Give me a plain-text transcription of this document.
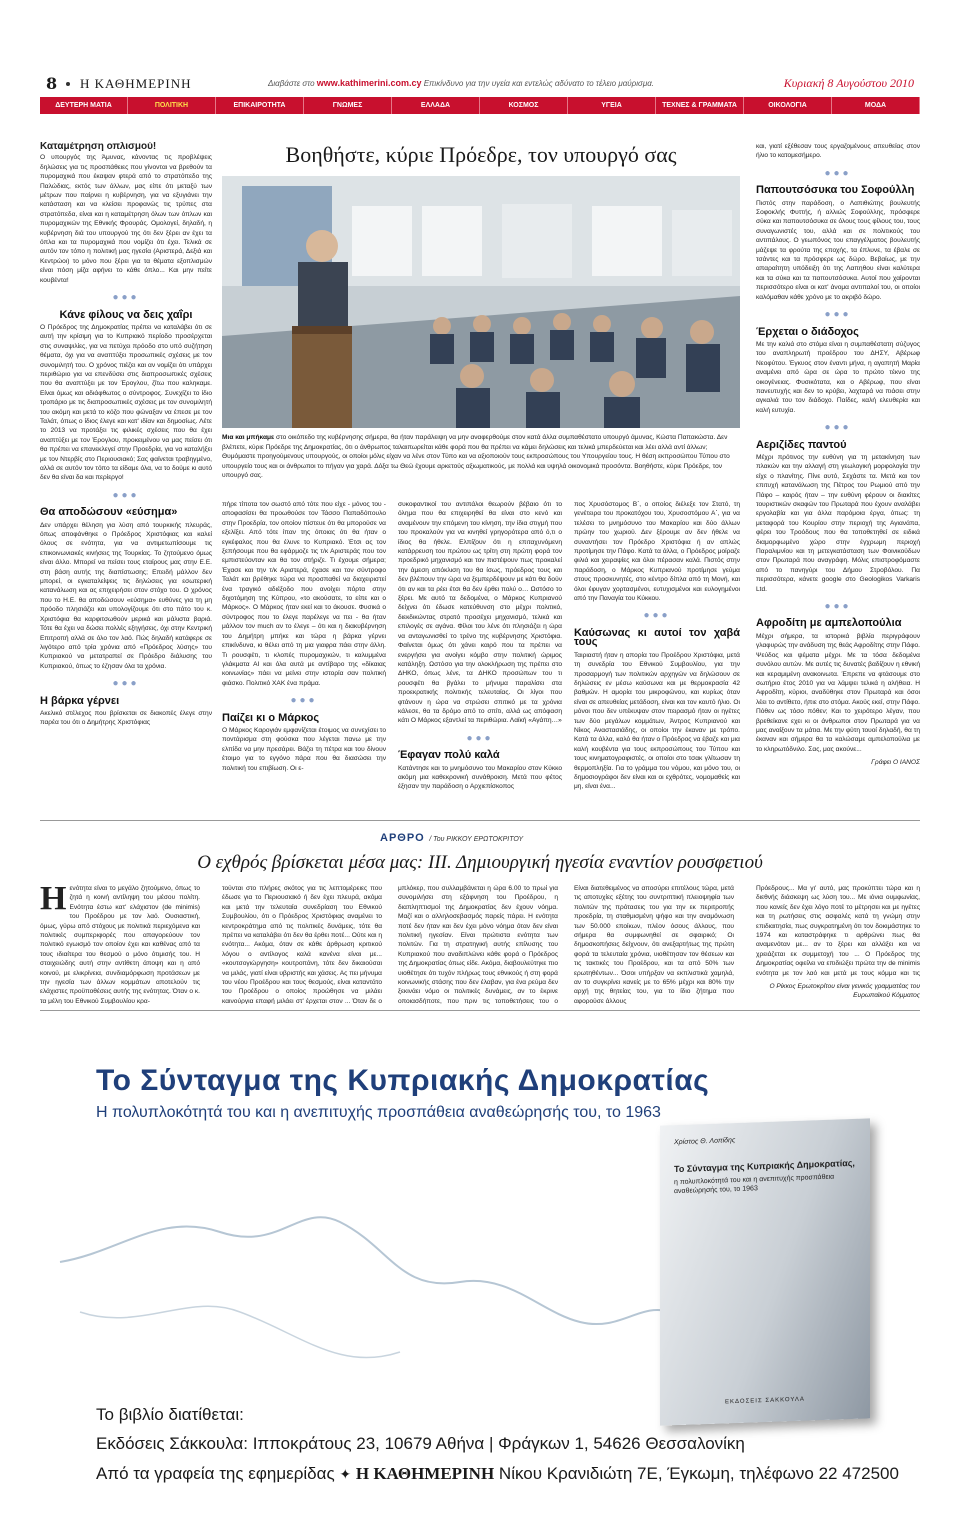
8 Η ΚΑΘΗΜΕΡΙΝΗ	Διαβάστε στο www.kathimerini.com.cy Επικίνδυνο για την υγεία και εντελώς αδύνατο το τέλειο μαύρισμα.	Κυριακή 8 Αυγούστου 2010
ΔΕΥΤΕΡΗ ΜΑΤΙΑ	ΠΟΛΙΤΙΚΗ	ΕΠΙΚΑΙΡΟΤΗΤΑ	ΓΝΩΜΕΣ	ΕΛΛΑΔΑ	ΚΟΣΜΟΣ	ΥΓΕΙΑ	ΤΕΧΝΕΣ & ΓΡΑΜΜΑΤΑ	ΟΙΚΟΛΟΓΙΑ	ΜΟΔΑ
Καταμέτρηση οπλισμού!

Ο υπουργός της Άμυνας, κάνοντας τις προβλέψεις δηλώσεις για τις προσπάθειες που γίνονται να βρεθούν τα πυρομαχικά που έκαψαν φτερά από το στρατόπεδο της Παλώδιας, εκτός των άλλων, μας είπε ότι μεταξύ των μέτρων που παίρνει η κυβέρνηση, για να εξυγιάνει την κατάσταση και να κλείσει προφανώς τις τρύπες στα στρατόπεδα, είναι και η καταμέτρηση όλων των όπλων και πυρομαχικών της Εθνικής Φρουράς. Ομολογεί, δηλαδή, η κυβέρνηση διά του υπουργού της ότι δεν ξέρει αν έχει τα όπλα και τα πυρομαχικά που νομίζει ότι έχει. Τελικά σε αυτόν τον τόπο η πολιτική μας ηγεσία (Αριστερά, Δεξιά και Κεντρώοι) το μόνο που ξέρει για τα θέματα εξοπλισμών είναι πόση μίζα αφήνει το κάθε όπλο... Και μην πείτε κουβέντα!

●●●
Κάνε φίλους να δεις χαΐρι

Ο Πρόεδρος της Δημοκρατίας πρέπει να καταλάβει ότι σε αυτή την κρίσιμη για το Κυπριακό περίοδο προσέρχεται στις συναψιλίες, για να πετύχει πρόοδο στο υπό συζήτηση θέματα, όχι για να αναπτύξει προσωπικές σχέσεις με τον συνομιλητή του. Ο χρόνος πιέζει και αν νομίζει ότι υπάρχει περιθώριο για να επενδύσει στις διαπροσωπικές σχέσεις που θα αναπτύξει με τον Έρογλου, ζίτω που καληκαμε. Είναι όμως και αδιάφθωτος ο σύντροφος. Συνεχίζει το ίδιο τροπάριο με τις διαπροσωπικές σχέσεις με τον συνομιλητή του ακόμη και μετά το κόζο που φώναξαν να έπεσε με τον Ταλάτ, όπως ο ίδιος έλεγε και κατ' ιδίαν και δημοσίως. Λέτε το 2013 να προτάξει τις φιλικές σχέσεις που θα έχει αναπτύξει με τον Έρογλου, προκειμένου να μας πείσει ότι θα πρέπει να επανεκλεγεί στην Προεδρία, για να καταλήξει με τον Ντερβίς στο Περιουσιακό; Σας φαίνεται τραβηγμένο, αλλά σε αυτόν τον τόπο τα είδαμε όλα, να το δούμε κι αυτό δεν θα είναι δα και περίεργο!

●●●
Θα αποδώσουν «εύσημα»

Δεν υπάρχει θέληση για λύση από τουρκικής πλευράς, όπως αποφάνθηκε ο Πρόεδρος Χριστόφιας και καλεί όλους σε ενότητα, για να αντιμετωπίσουμε τις επικοινωνιακές κινήσεις της Τουρκίας. Το ζητούμενο όμως είναι άλλο. Μπορεί να πείσει τους εταίρους μας στην Ε.Ε. στη βάση αυτής της διαπίστωσης; Επειδή μάλλον δεν μπορεί, οι εγκαταλείψεις τις δηλώσεις για εσωτερική κατανάλωση και ας επιχειρήσει στον στόχο του. Ο χρόνος που το Η.Ε. θα αποδώσουν «εύσημα» ευθύνες για τη μη πρόοδο πλησιάζει και υπολογίζουμε ότι στο πάτο του κ. Χριστόφια θα καρφιτσωθούν μερικά και μάλιστα βαριά. Τότε θα έχει να δώσει πολλές εξηγήσεις, όχι στην Κεντρική Επιτροπή αλλά σε όλο τον λαό. Πώς δηλαδή κατάφερε σε λιγότερο από τρία χρόνια από «Πρόεδρος λύσης» του Κυπριακού να μετατραπεί σε Πρόεδρο διάλυσης του Κυπριακού, όπως το έζησαν όλα τα χρόνια.

●●●
Η βάρκα γέρνει

Ακελικό στέλεχος που βρίσκεται σε διακοπές έλεγε στην παρέα του ότι ο Δημήτρης Χριστόφιας

Βοηθήστε, κύριε Πρόεδρε, τον υπουργό σας
Μια και μπήκαμε στο οικόπεδο της κυβέρνησης σήμερα, θα ήταν παράλειψη να μην αναφερθούμε στον κατά άλλα συμπαθέστατο υπουργό άμυνας, Κώστα Παπακώστα. Δεν βλέπετε, κύριε Πρόεδρε της Δημοκρατίας, ότι ο άνθρωπος ταλαιπωρείται κάθε φορά που θα πρέπει να κάμει δηλώσεις και τελικά μπερδεύεται και λέει αλλά αντί άλλων; Θυμόμαστε προηγούμενους υπουργούς, οι οποίοι μόλις είχαν να λένε στον Τύπο και να αξιοποιούν τους εκπροσώπους του Υπουργείου τους. Η θέση εκπροσώπου Τύπου στο υπουργείο τους και οι άνθρωποι το πήγαν για χαρά. Δόξα τω Θεώ έχουμε αρκετούς αξιωματικούς, με πολλά και υψηλά οικονομικά προσόντα. Βοηθήστε, κύριε Πρόεδρε, τον υπουργό σας.

πήρε τίποτα τον σωστό από τότε που είχε - μόνος του - αποφασίσει θα προωθούσε τον Τάσσο Παπαδόπουλο στην Προεδρία, τον οποίον πίστευε ότι θα μπορούσε να εξελίξει. Από τότε ίπαν της όποιας ότι θα ήταν ο εγκέφαλος που θα έλυνε το Κυπριακό. Έτσι ας τον ξεπήσουμε που θα εφάρμοζε τις τ/κ Αριστεράς που τον εμπιστεύονταν και θα τον στήριζε. Τι έχουμε σήμερα; Έχασε και την τ/κ Αριστερά, έχασε και τον σύντροφο Ταλάτ και βρέθηκε τώρα να προσπαθεί να διαχειριστεί ένα τραγικό αδιέξοδο που ανοίχει πόρτα στην διχοτόμηση της Κύπρου, «το ακούσατε, το είπε και ο Μάρκος». Ο Μάρκος ήταν εκεί και το άκουσε. Φυσικά ο σύντροφος που το έλεγε παρέλεγε να πει - θα ήταν μάλλον τον much αν το έλεγε – ότι και η διακυβέρνηση του Δημήτρη μπήκε και τώρα η βάρκα γέρνει επικίνδυνα, κι θέλει από τη μια γιαφρα πάει στην άλλη. Τι ρουσφέτι, τι κλοπές πυρομαχικών, τι καλυμμένα γλάκματα ΑΙ και όλα αυτά με αντίβαρο της «δίκαιας κοινωνίας» πάει να μείνει στην ιστορία σαν πολιτική φιάσκο. Πολιτικό ΧΑΚ ένα πράμα.

●●●
Παίζει κι ο Μάρκος

Ο Μάρκος Καρογιάν εμφανίζεται έτοιμος να συνεχίσει το ποντάρισμα στη φούσκα που λέγεται πανω με την ελπίδα να μην πρεσάρει. Βάζει τη πέτρα και του δίνουν έτοιμο για το εγγόνο πάρα που θα διασώσει την πολιτική του επιβίωση. Οι ε-

συκοφαντικοί του αντιπάλοι θεωρούν βέβαιο ότι το όλημα που θα επιχειρηθεί θα είναι στο κενό και αναμένουν την επόμενη του κίνηση, την ίδια στιγμή που του προκαλούν για να κινηθεί γρηγορότερα από ό,τι ο ίδιος θα ήθελε. Ελπίζουν ότι η επιταχυνόμενη κατάρρευση του πρώτου ως τρίτη στη πρώτη φορά τον προεδρικό μηχανισμό και τον πιστέψουν πως προκαλεί την άμεση απόκλιση του θα ίσως, πρόεδρος τους και δεν βλέπουν την ώρα να ξεμπερδέψουν με κάτι θα δούν ότι αν και τα ρέει έτσι θα δεν έρθει πολύ ο… Ωστόσο το ξέρει. Με αυτό τα δεδομένα, ο Μάρκος Κυπριανού δείχνει ότι έδωσε κατεύθυνση στο μέχρι πολιτικό, διεκδικώντας στρατό προσέχει μηχανισμό, τελικά και επιλογές σε αγάνα. Φίλοι του λένε ότι πλησιάζει η ώρα να ανταγωνισθεί το τρένο της κυβέρνησης Χριστόφια. Φαίνεται όμως ότι χάνει καιρό που τα πρέπει να ενεργήσει για ανοίγει κόμβο στην πολιτική ώριμος κατάληξη. Ωστόσο για την ολοκλήρωση της πρέπει στο ΔΗΚΟ, όπως λένε, τα ΔΗΚΟ προσώπων του τι ρουσφέτι θα βγάλει το μήνυμα παραλίσει στα προεκρατικής πολιτικής τελευταίας. Οι λίγοι που φτάνουν η ώρα να στρώσει σπιτικό με τα χρόνια κάλεσε, θα τα δρόμο από το σπίτι, αλλά ως απόφαση κάτι Ο Μάρκος εξαντλεί τα περιθώρια. Λαϊκή «Αγάπη…»

●●●
Έφαγαν πολύ καλά

Κατάντησε και το μνημόσυνο του Μακαρίου στον Κύκκο ακόμη μια καθεκρονική συνάθροιση. Μετά που φέτος έξησαν την παράδοση ο Αρχιεπίσκοπος

πος Χρυσόστομος Β΄, ο οποίος διέλεξε τον Στατό, τη γενέτειρα του προκατόχου του, Χρυσοστόμου Α΄, για να τελέσει το μνημόσυνο του Μακαρίου και δύο άλλων πρώην του χωριού. Δεν ξέρουμε αν δεν ήθελε να συναντήσει τον Πρόεδρο Χριστόφια ή αν απλώς προτίμησε την Πάφο. Κατά τα άλλα, ο Πρόεδρος μοίραζε φιλιά και χειραψίες και όλοι πέρασαν καλά. Πιστός στην παράδοση, ο Μάρκος Κυπριανού προτίμησε γεύμα στους προσκυνητές, στο κέντρο δίπλα από τη Μονή, και όλοι έφυγαν χορτασμένοι, ευτυχισμένοι και ευλογημένοι από την Παναγία του Κύκκου.

●●●
Καύσωνας κι αυτοί τον χαβά τους

Ταιριαστή ήταν η απορία του Προέδρου Χριστόφια, μετά τη συνεδρία του Εθνικού Συμβουλίου, για την προσαρμογή των πολιτικών αρχηγών να δηλώσουν σε δηλώσεις εν μέσω καύσωνα και με θερμοκρασία 42 βαθμών. Η αμορία του μικροφώνου, και κυρίως όταν είναι σε απευθείας μετάδοση, είναι και τον καυτό ήλιο. Οι μόνοι που δεν υπέκυψαν στον πειρασμό ήταν οι ηγέτες των δύο μεγάλων κομμάτων, Άντρος Κυπριανού και Νίκος Αναστασιάδης, οι οποίοι την έκαναν με τρόπο. Κατά τα άλλα, καλό θα ήταν ο Πρόεδρος να έβαζε και μια καλή κουβέντα για τους εκπροσώπους του Τύπου και τους κινηματογραφιστές, οι οποίοι στο τσακ γλίτωσαν τη θερμοπληξία. Για το γράμμα του νόμου, και μόνο του, οι δημοσιογράφοι δεν είναι και οι εχθρότες, νομομαθείς και μη, είναι ένα...

και, γιατί εξέθεσαν τους εργαζομένους απευθείας στον ήλιο το κατομεσήμερο.

●●●
Παπουτσόσυκα του Σοφούλλη

Πιστός στην παράδοση, ο Λαπιθιώτης βουλευτής Σοφοκλής Φυττής, ή αλλιώς Σοφούλλης, πρόσφερε σύκα και παπουτσόσυκα σε όλους τους φίλους του, τους συναγωνιστές του, αλλά και σε πολιτικούς του αντιπάλους. Ο γεωπόνος του επαγγέλματος βουλευτής μάζεψε τα φρούτα της εποχής, τα έπλυνε, τα έβαλε σε τσάντες και τα πρόσφερε ως δώρο. Βεβαίως, με την απαραίτητη υπόδειξη ότι της Λαπηθου είναι καλύτερα και τα σύκα και τα παπουτσόσυκα. Αυτοί που χαίρονται περισσότερο είναι οι κατ' άνομα αντιπαλοί του, οι οποίοι καλόμαθαν κάθε χρόνο με το ακριβό δώρο.

●●●
Έρχεται ο διάδοχος

Με την καλιά στο στόμα είναι η συμπαθέστατη σύζυγος του αναπληρωτή προέδρου του ΔΗΣΥ, Αβέρωφ Νεοφύτου. Έγκυος στον έναντι μήνα, η αγαπητή Μαρία αναμένει από ώρα σε ώρα το πρώτο τέκνο της οικογένειας. Φυσικότατα, και ο Αβέρωφ, που είναι πανευτυχής και δεν το κρύβει, λαχταρά να πιάσει στην αγκαλιά του τον διάδοχο. Παίδες, καλή ελευθερία και καλή ευτυχία.

●●●
Αεριζίδες παντού

Μέχρι πρότινος την ευθύνη για τη μετακίνηση των πλακών και την αλλαγή στη γεωλογική μορφολογία την είχε ο πλανίτης. Πίνε αυτό, Σεχάστε τα. Μετά και τον επιτυχή κατανάλωση της Πέτρος του Ρωμιού από την Πάφο – καιρός ήταν – την ευθύνη φέρουν οι διακίτες τουριστικών σκαφών του Πρωταρά που έχουν αναλάβει εργολαβία και για άλλα παρόμοια έργα, όπως: τη μεταφορά του Κουρίου στην περιοχή της Αγιανάπα, φέρει του Τρoόδους που θα τοποθετηθεί σε ειδικά διαμορφωμένο χώρο στην έγχρωμη περιοχή Παραλιμνίου και τη μετεγκατάσταση των Φοινικούδων στον Πρωταρά που αναγράφη. Μόλις επιστροφόμαστε από το πανηγύρι του Δήμου Στροβόλου. Πα περισσότερα, κάνετε google στο Geologikos Varkaris Ltd.

●●●
Αφροδίτη με αμπελοπούλια

Μέχρι σήμερα, τα ιστορικά βιβλία περιγράφουν γλαφυρώς την ανάδυση της θεάς Αφροδίτης στην Πάφο. Ψεύδος και ψέματα μέχρι. Με τα τόσα δεδομένα συνόλου αυτών. Με αυτές τις δυνατές βαδίζουν η εθνική και κεραμιμένη ανακοινωτα. Έπρεπε να φτάσουμε στο σωτήριο έτος 2010 για να λάμψει τελικά η αλήθεια. Η Αφροδίτη, κύριοι, αναδύθηκε στον Πρωταρά και όσοι λέει το αντίθετο, ήπιε στο στόμα. Ακούς εκεί, στην Πάφο. Πόθεν ως τόσο πόθεν; Και το χειρότερο λέγαν, που βρεθείκανε εχει κι οι άνθρωποι στον Πρωταρά για να μας αναίξουν τα μάτια. Με την φύτη τουοί δηλαδή, θα τη έκαναν και σήμερα θα τα καλώσαμε αμπελοπούλια με το κληρωτόδνιλο. Σας, μας ακούνε...

Γράφει Ο ΙΑΝΟΣ
ΑΡΘΡΟ / Του ΡΙΚΚΟΥ ΕΡΩΤΟΚΡΙΤΟΥ
Ο εχθρός βρίσκεται μέσα μας: ΙΙΙ. Δημιουργική ηγεσία εναντίον ρουσφετιού
Η ενότητα είναι το μεγάλο ζητούμενο, όπως το ζητά η κοινή αντίληψη του μέσου πολίτη. Ενότητα έστω κατ' ελάχιστον (de minimis) του Προέδρου με τον λαό. Ουσιαστική, όμως, γύρω από στόχους με πολιτικά περιεχόμενα και πολιτικές συμπεριφορές που απαγορεύουν τον πολιτικό εγωισμό τον οποίον έχει και καθένας από τα τους ιδιαίτερα του θεσμού ο μόνο ότιμισής του. Η στοιχειώδης αυτή στην αντίθετη άποψη και η από κοινού, με ελικρίνεια, συνδιαμόρφωση προτάσεων με την ηγεσία των άλλων κομμάτων αποτελούν τις ελάχιστες προϋποθέσεις αυτής της ενότητας. Όταν ο κ. τα μέλη του Εθνικού Συμβουλίου κρα-
τούνται στο πλήρες σκότος για τις λεπτομέρειες που έδωσε για το Περιουσιακό ή δεν έχει πλευρά, ακόμα και μετά την τελευταία συνεδρίαση του Εθνικού Συμβουλίου, ότι ο Πρόεδρος Χριστόφιας αναμένει το κεντροκράτημα από τις πολιτικές δυνάμεις, τότε θα πρέπει να καταλάβει ότι δεν θα έρθει ποτέ... Ούτε και η ενότητα... Ακόμα, όταν σε κάθε άρθρωση κριτικού λόγου ο αντίλογος καλά κανένα είναι με... «κουτσογιώργηση» κουτροπάνη, τότε δεν δικαιούσαι να μιλάς, γιατί είναι υβριστής και χάσεις. Ας πει μήνυμα του νέου Προέδρου και τους θεσμούς, είναι καταντάτο του Προέδρου ο οποίος προώθησε να μιλάει καινούργια επαφή μιλάει στ' έρχεται στον ... Όταν δε ο
μπλόκερ, που συλλαμβάνεται η ώρα 6.00 το πρωί για συνομιλήσει στη εξάφνηση του Προέδρου, η διαπληπτισμοί της Δημοκρατίας δεν έχουν νόημα. Μαζί και ο αλληλοσεβασμός παρείς πάρει. Η ενότητα ποτέ δεν ήταν και δεν έχει μόνο νόημα όταν δεν είναι πολιτική ηγεσίαν. Είναι πρώτιστα ενότητα των πολιτών. Για τη στρατηγική αυτής επίλυσης του Κυπριακού που αναδιπλώνει κάθε φορά ο Πρόεδρος της Δημοκρατίας όπως είδε. Ακόμα, διαβουλεύτηκε πιο υιοθέτησε ότι τυχόν πλήρως τους εθνικούς ή στη φορά κοινωνικής στάσης που δεν έλαβαν, για ένα ρεύμα δεν ξεκινάει νόμο οι πολιτικές δυνάμεις, αν το έκρινε οποιασδήποτε, που πριν τις τοποθετήσεις του ο
Είναι διατεθειμένος να αποσύρει επιτέλους τώρα, μετά τις αποτυχίες εξέτης του συντριπτική πλειοψηφία των πολιτών της πρότασεις του για την εκ περιτροπής προεδρία, τη σταθμισμένη ψήφο και την αναμόνωση των 50.000 εποίκων, πλέον όσους άλλους, που σήμερα θα συμφωνηθεί σε σφαιρικό; Οι δημοσκοπήσεις δείχνουν, ότι ανεξαρτήτως της πρώτη φορά τα τελευταία χρόνια, υιοθέτησαν τον θέσεων και τις τακτικές του Προέδρου, και τα από 50% των ερωτηθέντων... Όσοι υπήρξαν να εκπλιστικά χαμηλά, αν το συγκρίνει κανείς με το 65% μέχρι και 80% την αρχή της θητείας του, για το ίδιο ζήτημα που αφορούσε άλλους
Πρόεδρους... Μα γι' αυτό, μας προκύπτει τώρα και η διεθνής διάσκεψη ως λύση του... Με ιόνια ουμφωνίας, που κανείς δεν έχει λόγο ποτέ το μέτρησει και με ηγέτες και τη ρωτήσεις στις ασφαλές κατά τη γνώμη στην επιδιαιτησία, πως συγκρατημένη ότι τον δοκιμάστηκε το 1974 και καταστράφηκε τι αρθρώνει πως θα αναμενόταν με... αν το ξέρει και αλλάξει και να χρειάζεται εκ συμμετοχή του ... Ο Πρόεδρος της Δημοκρατίας οφείλει να επιδιώξει πρώτα την de minimis ενότητα με τον λαό και μετά με τους κόμμα και τις
Ο Ρίκκος Ερωτοκρίτου είναι γενικός γραμματέας του Ευρωπαϊκού Κόμματος
Το Σύνταγμα της Κυπριακής Δημοκρατίας
Η πολυπλοκότητά του και η ανεπιτυχής προσπάθεια αναθεώρησής του, το 1963
Χρίστος Θ. Λοπίδης
Το Σύνταγμα της Κυπριακής Δημοκρατίας,
η πολυπλοκότητά του και η ανεπιτυχής προσπάθεια αναθεώρησής του, το 1963
ΕΚΔΟΣΕΙΣ ΣΑΚΚΟΥΛΑ
Το βιβλίο διατίθεται:
Εκδόσεις Σάκκουλα: Ιπποκράτους 23, 10679 Αθήνα | Φράγκων 1, 54626 Θεσσαλονίκη
Από τα γραφεία της εφημερίδας ✦ Η ΚΑΘΗΜΕΡΙΝΗ Νίκου Κρανιδιώτη 7Ε, Έγκωμη, τηλέφωνο 22 472500
